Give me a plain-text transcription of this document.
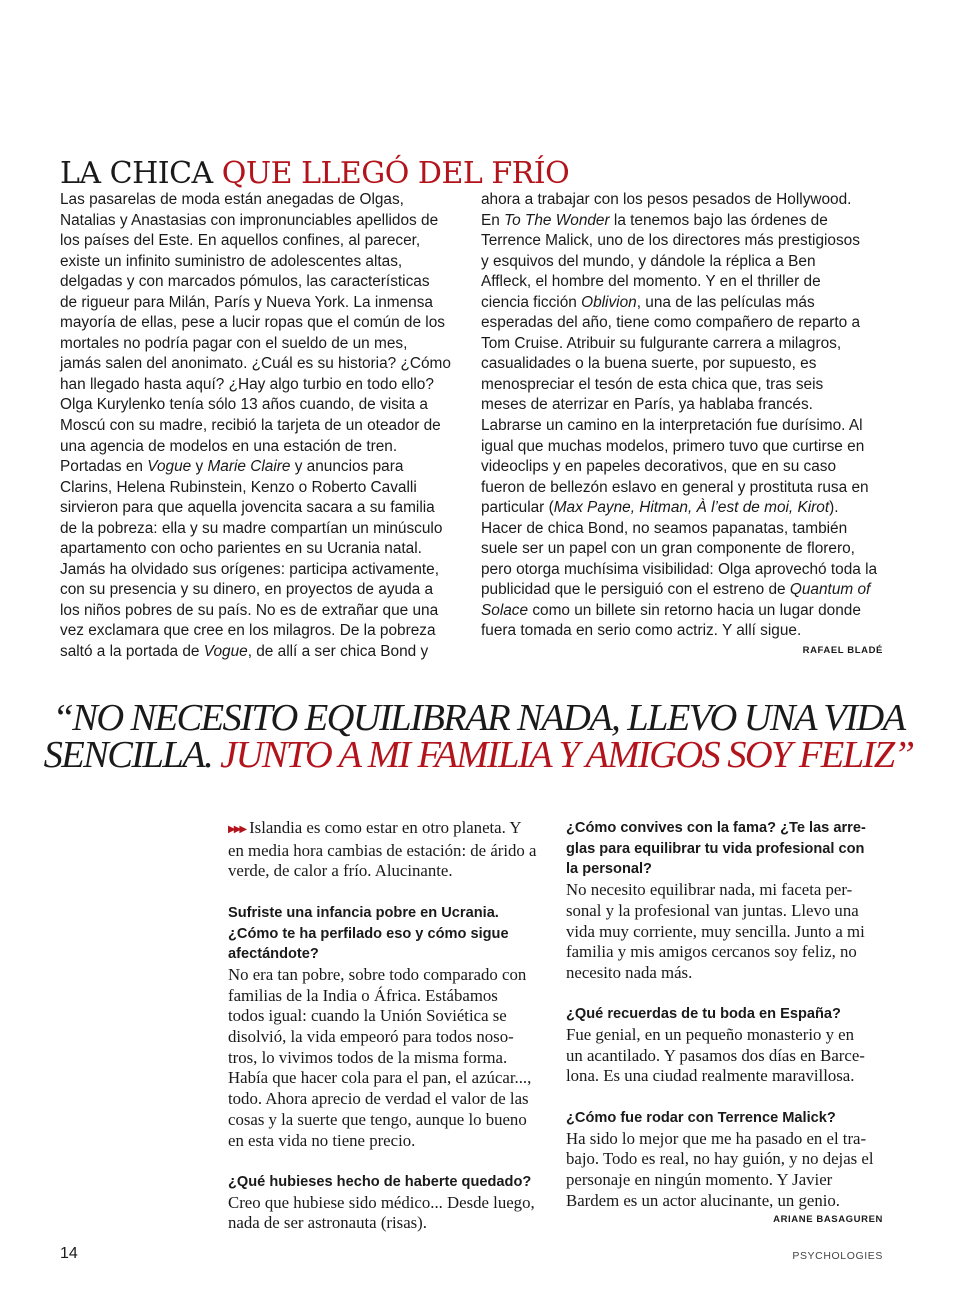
LA CHICA QUE LLEGÓ DEL FRÍO
Las pasarelas de moda están anegadas de Olgas,
Natalias y Anastasias con impronunciables apellidos de
los países del Este. En aquellos confines, al parecer,
existe un infinito suministro de adolescentes altas,
delgadas y con marcados pómulos, las características
de rigueur para Milán, París y Nueva York. La inmensa
mayoría de ellas, pese a lucir ropas que el común de los
mortales no podría pagar con el sueldo de un mes,
jamás salen del anonimato. ¿Cuál es su historia? ¿Cómo
han llegado hasta aquí? ¿Hay algo turbio en todo ello?
Olga Kurylenko tenía sólo 13 años cuando, de visita a
Moscú con su madre, recibió la tarjeta de un oteador de
una agencia de modelos en una estación de tren.
Portadas en Vogue y Marie Claire y anuncios para
Clarins, Helena Rubinstein, Kenzo o Roberto Cavalli
sirvieron para que aquella jovencita sacara a su familia
de la pobreza: ella y su madre compartían un minúsculo
apartamento con ocho parientes en su Ucrania natal.
Jamás ha olvidado sus orígenes: participa activamente,
con su presencia y su dinero, en proyectos de ayuda a
los niños pobres de su país. No es de extrañar que una
vez exclamara que cree en los milagros. De la pobreza
saltó a la portada de Vogue, de allí a ser chica Bond y
ahora a trabajar con los pesos pesados de Hollywood.
En To The Wonder la tenemos bajo las órdenes de
Terrence Malick, uno de los directores más prestigiosos
y esquivos del mundo, y dándole la réplica a Ben
Affleck, el hombre del momento. Y en el thriller de
ciencia ficción Oblivion, una de las películas más
esperadas del año, tiene como compañero de reparto a
Tom Cruise. Atribuir su fulgurante carrera a milagros,
casualidades o la buena suerte, por supuesto, es
menospreciar el tesón de esta chica que, tras seis
meses de aterrizar en París, ya hablaba francés.
Labrarse un camino en la interpretación fue durísimo. Al
igual que muchas modelos, primero tuvo que curtirse en
videoclips y en papeles decorativos, que en su caso
fueron de bellezón eslavo en general y prostituta rusa en
particular (Max Payne, Hitman, À l’est de moi, Kirot).
Hacer de chica Bond, no seamos papanatas, también
suele ser un papel con un gran componente de florero,
pero otorga muchísima visibilidad: Olga aprovechó toda la
publicidad que le persiguió con el estreno de Quantum of
Solace como un billete sin retorno hacia un lugar donde
fuera tomada en serio como actriz. Y allí sigue.
RAFAEL BLADÉ
“NO NECESITO EQUILIBRAR NADA, LLEVO UNA VIDA
SENCILLA. JUNTO A MI FAMILIA Y AMIGOS SOY FELIZ”
▶▶▶ Islandia es como estar en otro planeta. Y
en media hora cambias de estación: de árido a
verde, de calor a frío. Alucinante.
Sufriste una infancia pobre en Ucrania.
¿Cómo te ha perfilado eso y cómo sigue
afectándote?
No era tan pobre, sobre todo comparado con
familias de la India o África. Estábamos
todos igual: cuando la Unión Soviética se
disolvió, la vida empeoró para todos noso-
tros, lo vivimos todos de la misma forma.
Había que hacer cola para el pan, el azúcar...,
todo. Ahora aprecio de verdad el valor de las
cosas y la suerte que tengo, aunque lo bueno
en esta vida no tiene precio.
¿Qué hubieses hecho de haberte quedado?
Creo que hubiese sido médico... Desde luego,
nada de ser astronauta (risas).
¿Cómo convives con la fama? ¿Te las arre-
glas para equilibrar tu vida profesional con
la personal?
No necesito equilibrar nada, mi faceta per-
sonal y la profesional van juntas. Llevo una
vida muy corriente, muy sencilla. Junto a mi
familia y mis amigos cercanos soy feliz, no
necesito nada más.
¿Qué recuerdas de tu boda en España?
Fue genial, en un pequeño monasterio y en
un acantilado. Y pasamos dos días en Barce-
lona. Es una ciudad realmente maravillosa.
¿Cómo fue rodar con Terrence Malick?
Ha sido lo mejor que me ha pasado en el tra-
bajo. Todo es real, no hay guión, y no dejas el
personaje en ningún momento. Y Javier
Bardem es un actor alucinante, un genio.
ARIANE BASAGUREN
14	PSYCHOLOGIES
